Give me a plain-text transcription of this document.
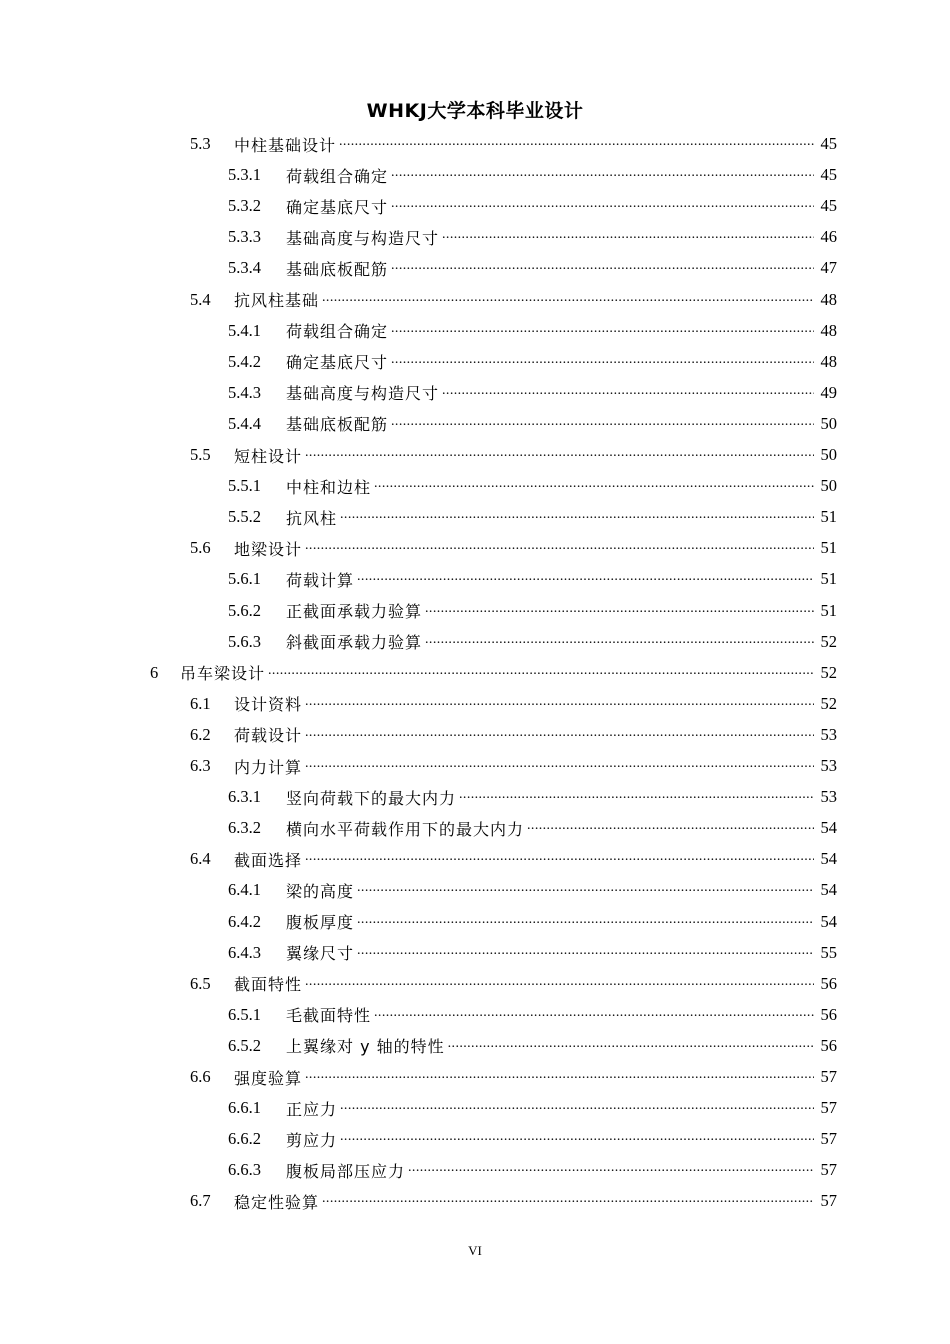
WHKJ大学本科毕业设计
5.3	中柱基础设计 .....	45
5.3.1	荷载组合确定 .....	45
5.3.2	确定基底尺寸 .....	45
5.3.3	基础高度与构造尺寸 .....	46
5.3.4	基础底板配筋 .....	47
5.4	抗风柱基础 .....	48
5.4.1	荷载组合确定 .....	48
5.4.2	确定基底尺寸 .....	48
5.4.3	基础高度与构造尺寸 .....	49
5.4.4	基础底板配筋 .....	50
5.5	短柱设计 .....	50
5.5.1	中柱和边柱 .....	50
5.5.2	抗风柱 .....	51
5.6	地梁设计 .....	51
5.6.1	荷载计算 .....	51
5.6.2	正截面承载力验算 .....	51
5.6.3	斜截面承载力验算 .....	52
6	吊车梁设计 .....	52
6.1	设计资料 .....	52
6.2	荷载设计 .....	53
6.3	内力计算 .....	53
6.3.1	竖向荷载下的最大内力 .....	53
6.3.2	横向水平荷载作用下的最大内力 .....	54
6.4	截面选择 .....	54
6.4.1	梁的高度 .....	54
6.4.2	腹板厚度 .....	54
6.4.3	翼缘尺寸 .....	55
6.5	截面特性 .....	56
6.5.1	毛截面特性 .....	56
6.5.2	上翼缘对 y 轴的特性 .....	56
6.6	强度验算 .....	57
6.6.1	正应力 .....	57
6.6.2	剪应力 .....	57
6.6.3	腹板局部压应力 .....	57
6.7	稳定性验算 .....	57
VI
